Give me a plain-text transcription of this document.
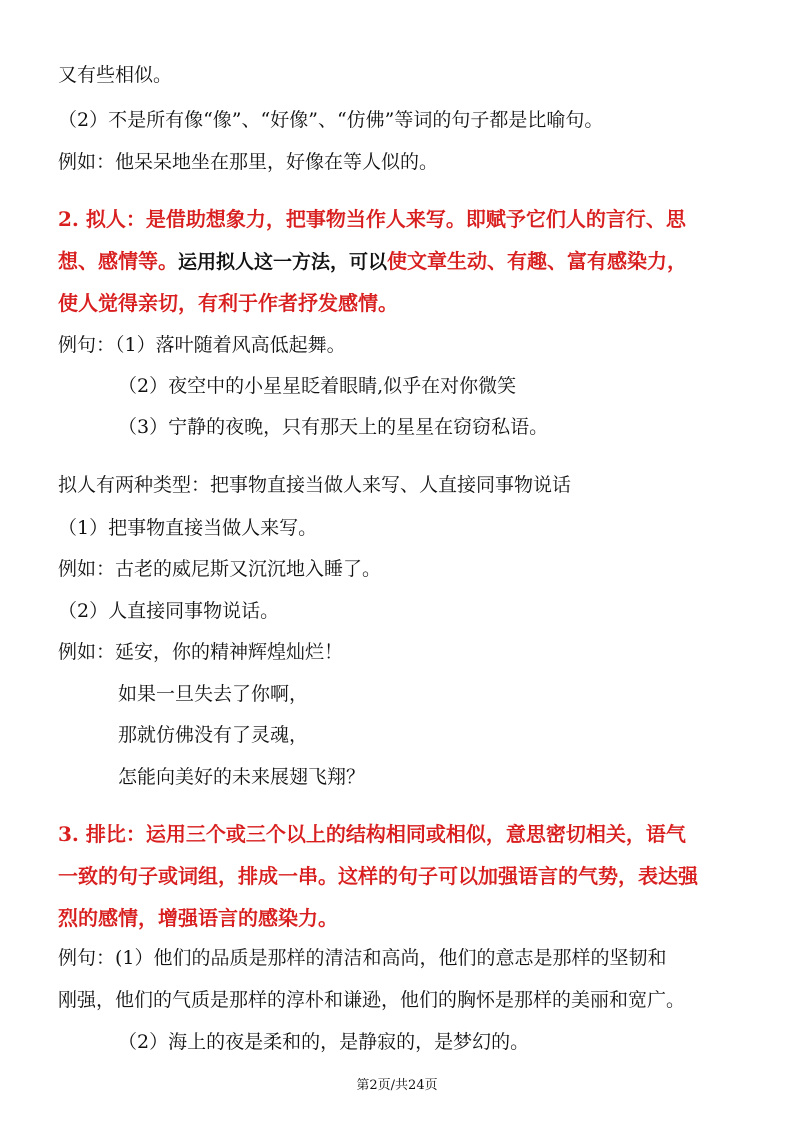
又有些相似。
（2）不是所有像“像”、“好像”、“仿佛”等词的句子都是比喻句。
例如：他呆呆地坐在那里，好像在等人似的。
2. 拟人：是借助想象力，把事物当作人来写。即赋予它们人的言行、思
想、感情等。运用拟人这一方法，可以使文章生动、有趣、富有感染力，
使人觉得亲切，有利于作者抒发感情。
例句：（1）落叶随着风高低起舞。
（2）夜空中的小星星眨着眼睛,似乎在对你微笑
（3）宁静的夜晚，只有那天上的星星在窃窃私语。
拟人有两种类型：把事物直接当做人来写、人直接同事物说话
（1）把事物直接当做人来写。
例如：古老的威尼斯又沉沉地入睡了。
（2）人直接同事物说话。
例如：延安，你的精神辉煌灿烂！
如果一旦失去了你啊，
那就仿佛没有了灵魂，
怎能向美好的未来展翅飞翔？
3. 排比：运用三个或三个以上的结构相同或相似，意思密切相关，语气
一致的句子或词组，排成一串。这样的句子可以加强语言的气势，表达强
烈的感情，增强语言的感染力。
例句：(1）他们的品质是那样的清洁和高尚，他们的意志是那样的坚韧和
刚强，他们的气质是那样的淳朴和谦逊，他们的胸怀是那样的美丽和宽广。
（2）海上的夜是柔和的，是静寂的，是梦幻的。
第2页/共24页
